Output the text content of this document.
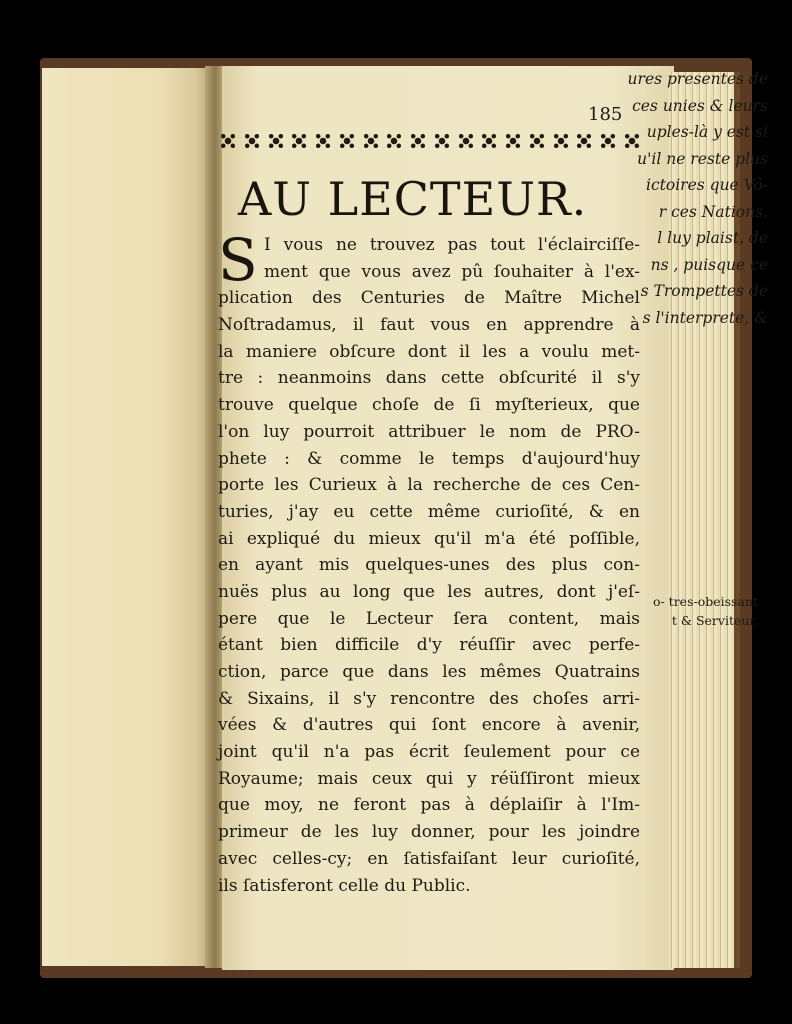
ures presentes de
ces unies & leurs
uples-là y est si
u'il ne reste plus
ictoires que Vô-
r ces Nations.
l luy plaist, de
ns , puisque ce
s Trompettes de
s l'interprete, &
o- tres-obeissant
t & Serviteur.
185
AU LECTEUR.
S I vous ne trouvez pas tout l'éclairciſſe-
ment que vous avez pû ſouhaiter à l'ex-
plication des Centuries de Maître Michel
Noſtradamus, il faut vous en apprendre à
la maniere obſcure dont il les a voulu met-
tre : neanmoins dans cette obſcurité il s'y
trouve quelque choſe de ſi myſterieux, que
l'on luy pourroit attribuer le nom de PRO-
phete : & comme le temps d'aujourd'huy
porte les Curieux à la recherche de ces Cen-
turies, j'ay eu cette même curioſité, & en
ai expliqué du mieux qu'il m'a été poſſible,
en ayant mis quelques-unes des plus con-
nuës plus au long que les autres, dont j'eſ-
pere que le Lecteur ſera content, mais
étant bien difficile d'y réuſſir avec perfe-
ction, parce que dans les mêmes Quatrains
& Sixains, il s'y rencontre des choſes arri-
vées & d'autres qui ſont encore à avenir,
joint qu'il n'a pas écrit ſeulement pour ce
Royaume; mais ceux qui y réüſſiront mieux
que moy, ne feront pas à déplaiſir à l'Im-
primeur de les luy donner, pour les joindre
avec celles-cy; en ſatisfaiſant leur curioſité,
ils ſatisferont celle du Public.
